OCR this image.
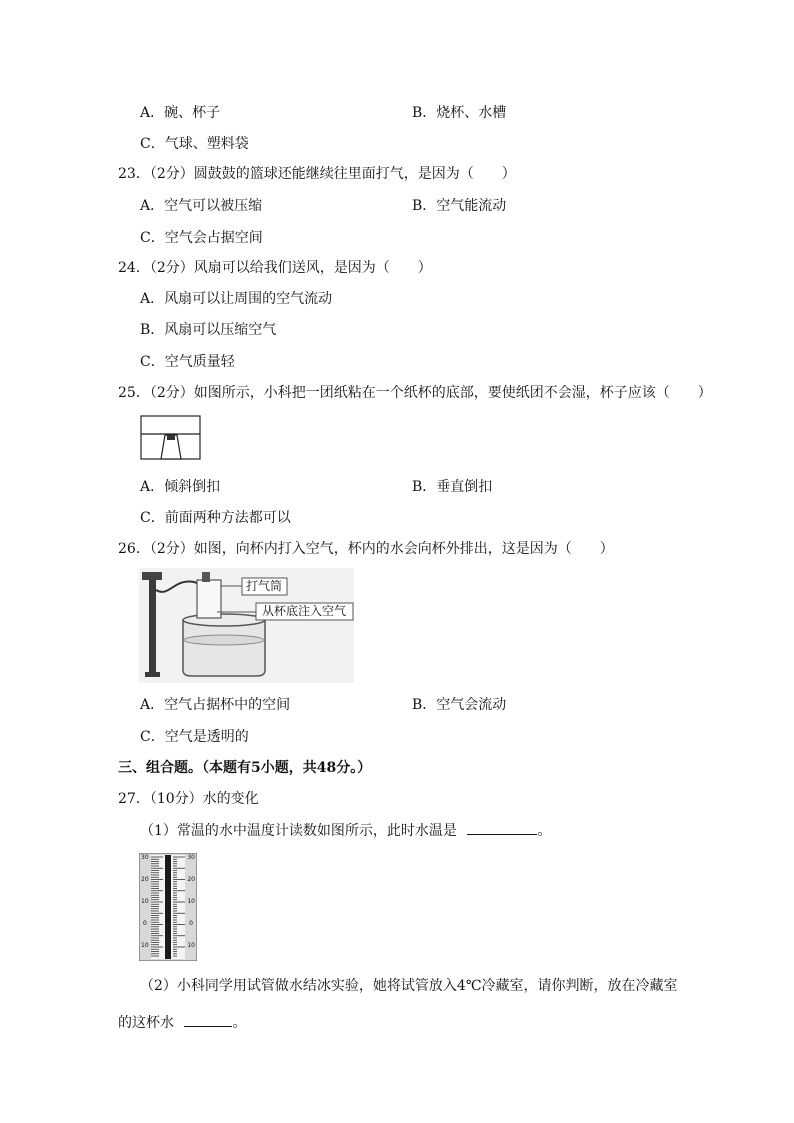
A．碗、杯子	B．烧杯、水槽
C．气球、塑料袋
23．（2分）圆鼓鼓的篮球还能继续往里面打气，是因为（　　）
A．空气可以被压缩	B．空气能流动
C．空气会占据空间
24．（2分）风扇可以给我们送风，是因为（　　）
A．风扇可以让周围的空气流动
B．风扇可以压缩空气
C．空气质量轻
25．（2分）如图所示，小科把一团纸粘在一个纸杯的底部，要使纸团不会湿，杯子应该（　　）
A．倾斜倒扣	B．垂直倒扣
C．前面两种方法都可以
26．（2分）如图，向杯内打入空气，杯内的水会向杯外排出，这是因为（　　）
打气筒
从杯底注入空气
A．空气占据杯中的空间	B．空气会流动
C．空气是透明的
三、组合题。（本题有5小题，共48分。）
27．（10分）水的变化
（1）常温的水中温度计读数如图所示，此时水温是	。
30	30
20	20
10	10
0	0
10	10
（2）小科同学用试管做水结冰实验，她将试管放入4℃冷藏室，请你判断，放在冷藏室
的这杯水	。
